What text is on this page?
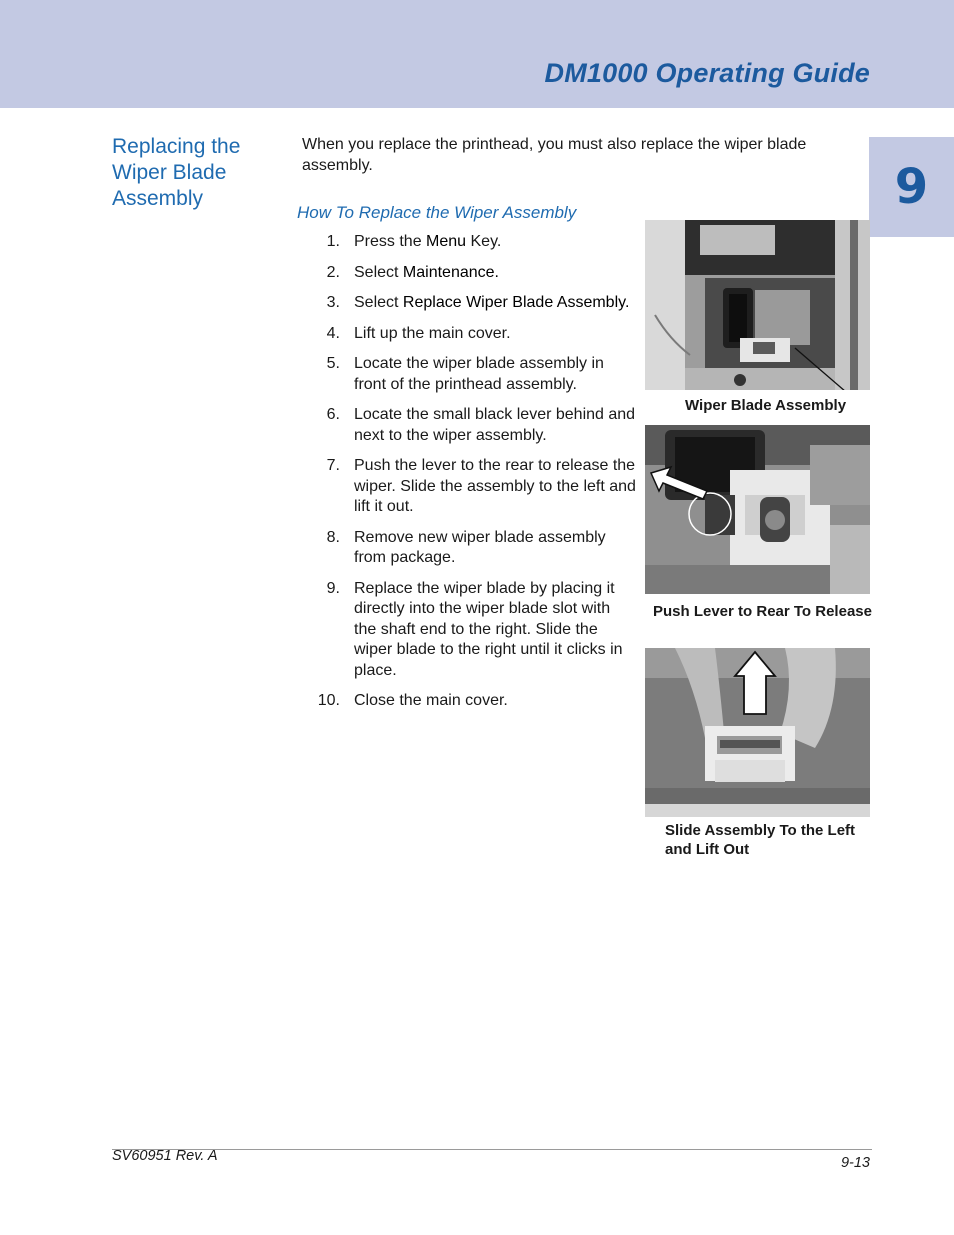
DM1000 Operating Guide
9
Replacing the Wiper Blade Assembly
When you replace the printhead, you must also replace the wiper blade assembly.
How To Replace the Wiper Assembly
1. Press the Menu Key.
2. Select Maintenance.
3. Select Replace Wiper Blade Assembly.
4. Lift up the main cover.
5. Locate the wiper blade assembly in front of the printhead assembly.
6. Locate the small black lever behind and next to the wiper assembly.
7. Push the lever to the rear to release the wiper. Slide the assembly to the left and lift it out.
8. Remove new wiper blade assembly from package.
9. Replace the wiper blade by placing it directly into the wiper blade slot with the shaft end to the right. Slide the wiper blade to the right until it clicks in place.
10. Close the main cover.
Wiper Blade Assembly
Push Lever to Rear To Release
Slide Assembly To the Left and Lift Out
SV60951 Rev. A	9-13
